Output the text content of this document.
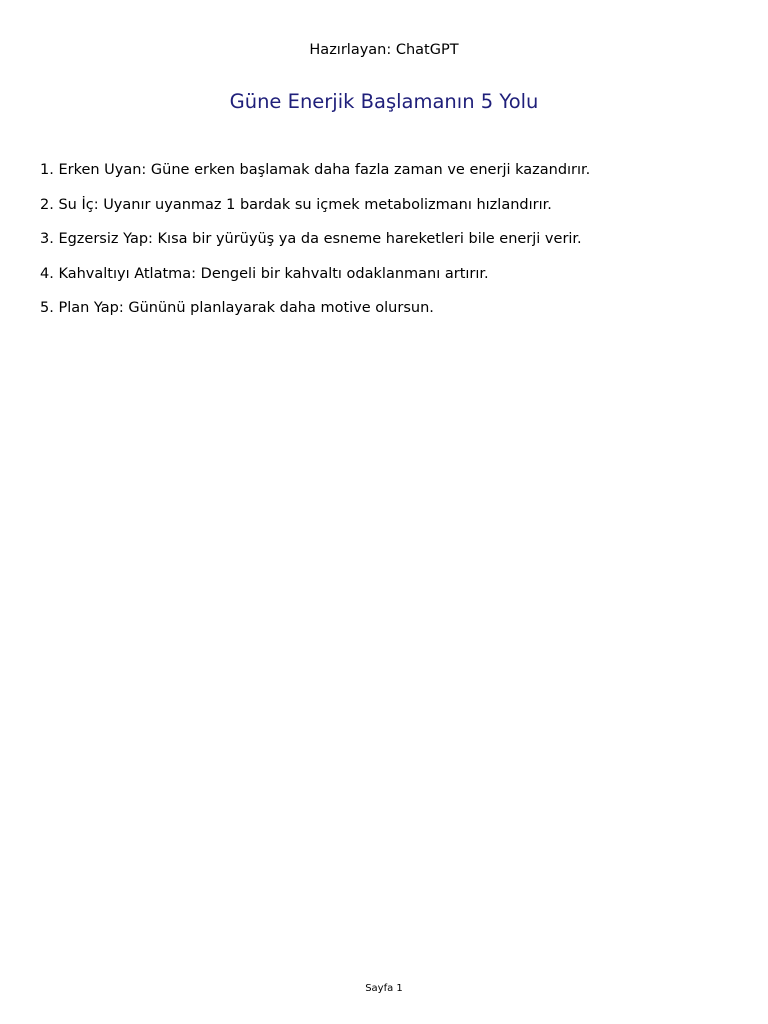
Hazırlayan: ChatGPT
Güne Enerjik Başlamanın 5 Yolu
1. Erken Uyan: Güne erken başlamak daha fazla zaman ve enerji kazandırır.
2. Su İç: Uyanır uyanmaz 1 bardak su içmek metabolizmanı hızlandırır.
3. Egzersiz Yap: Kısa bir yürüyüş ya da esneme hareketleri bile enerji verir.
4. Kahvaltıyı Atlatma: Dengeli bir kahvaltı odaklanmanı artırır.
5. Plan Yap: Gününü planlayarak daha motive olursun.
Sayfa 1
